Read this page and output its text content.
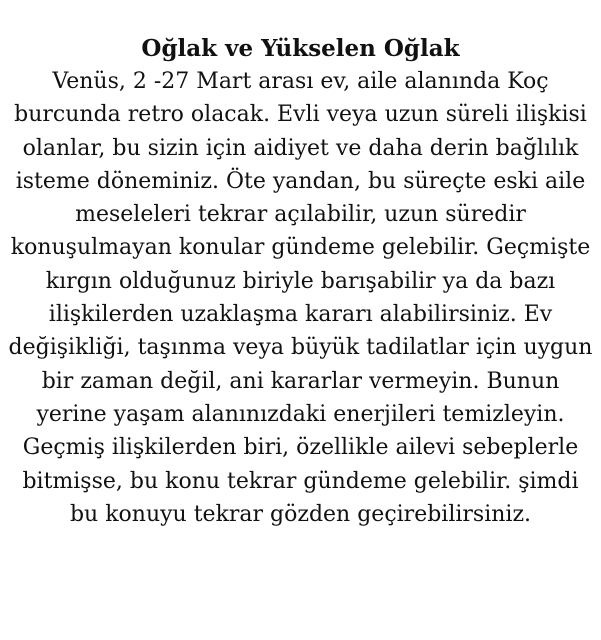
Oğlak ve Yükselen Oğlak

Venüs, 2 -27 Mart arası ev, aile alanında Koç burcunda retro olacak. Evli veya uzun süreli ilişkisi olanlar, bu sizin için aidiyet ve daha derin bağlılık isteme döneminiz. Öte yandan, bu süreçte eski aile meseleleri tekrar açılabilir, uzun süredir konuşulmayan konular gündeme gelebilir. Geçmişte kırgın olduğunuz biriyle barışabilir ya da bazı ilişkilerden uzaklaşma kararı alabilirsiniz. Ev değişikliği, taşınma veya büyük tadilatlar için uygun bir zaman değil, ani kararlar vermeyin. Bunun yerine yaşam alanınızdaki enerjileri temizleyin. Geçmiş ilişkilerden biri, özellikle ailevi sebeplerle bitmişse, bu konu tekrar gündeme gelebilir. şimdi bu konuyu tekrar gözden geçirebilirsiniz.
